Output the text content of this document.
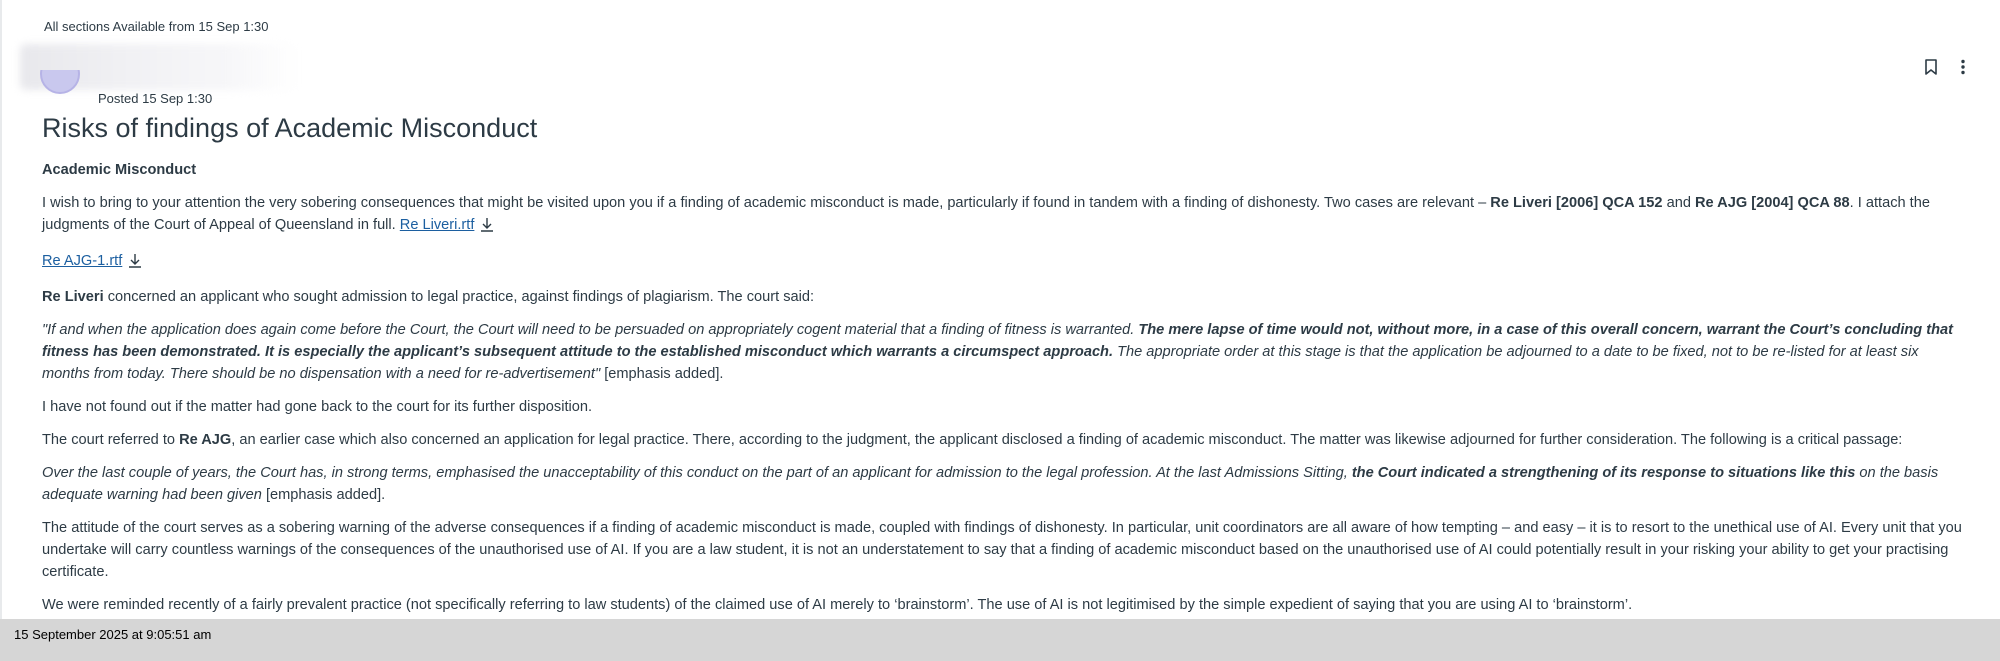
All sections Available from 15 Sep 1:30
Posted 15 Sep 1:30
Risks of findings of Academic Misconduct

Academic Misconduct

I wish to bring to your attention the very sobering consequences that might be visited upon you if a finding of academic misconduct is made, particularly if found in tandem with a finding of dishonesty. Two cases are relevant – Re Liveri [2006] QCA 152 and Re AJG [2004] QCA 88. I attach the judgments of the Court of Appeal of Queensland in full. Re Liveri.rtf

Re AJG-1.rtf

Re Liveri concerned an applicant who sought admission to legal practice, against findings of plagiarism. The court said:

"If and when the application does again come before the Court, the Court will need to be persuaded on appropriately cogent material that a finding of fitness is warranted. The mere lapse of time would not, without more, in a case of this overall concern, warrant the Court’s concluding that fitness has been demonstrated. It is especially the applicant’s subsequent attitude to the established misconduct which warrants a circumspect approach. The appropriate order at this stage is that the application be adjourned to a date to be fixed, not to be re-listed for at least six months from today. There should be no dispensation with a need for re-advertisement" [emphasis added].

I have not found out if the matter had gone back to the court for its further disposition.

The court referred to Re AJG, an earlier case which also concerned an application for legal practice. There, according to the judgment, the applicant disclosed a finding of academic misconduct. The matter was likewise adjourned for further consideration. The following is a critical passage:

Over the last couple of years, the Court has, in strong terms, emphasised the unacceptability of this conduct on the part of an applicant for admission to the legal profession. At the last Admissions Sitting, the Court indicated a strengthening of its response to situations like this on the basis adequate warning had been given [emphasis added].

The attitude of the court serves as a sobering warning of the adverse consequences if a finding of academic misconduct is made, coupled with findings of dishonesty. In particular, unit coordinators are all aware of how tempting – and easy – it is to resort to the unethical use of AI. Every unit that you undertake will carry countless warnings of the consequences of the unauthorised use of AI. If you are a law student, it is not an understatement to say that a finding of academic misconduct based on the unauthorised use of AI could potentially result in your risking your ability to get your practising certificate.

We were reminded recently of a fairly prevalent practice (not specifically referring to law students) of the claimed use of AI merely to ‘brainstorm’. The use of AI is not legitimised by the simple expedient of saying that you are using AI to ‘brainstorm’.

15 September 2025 at 9:05:51 am
